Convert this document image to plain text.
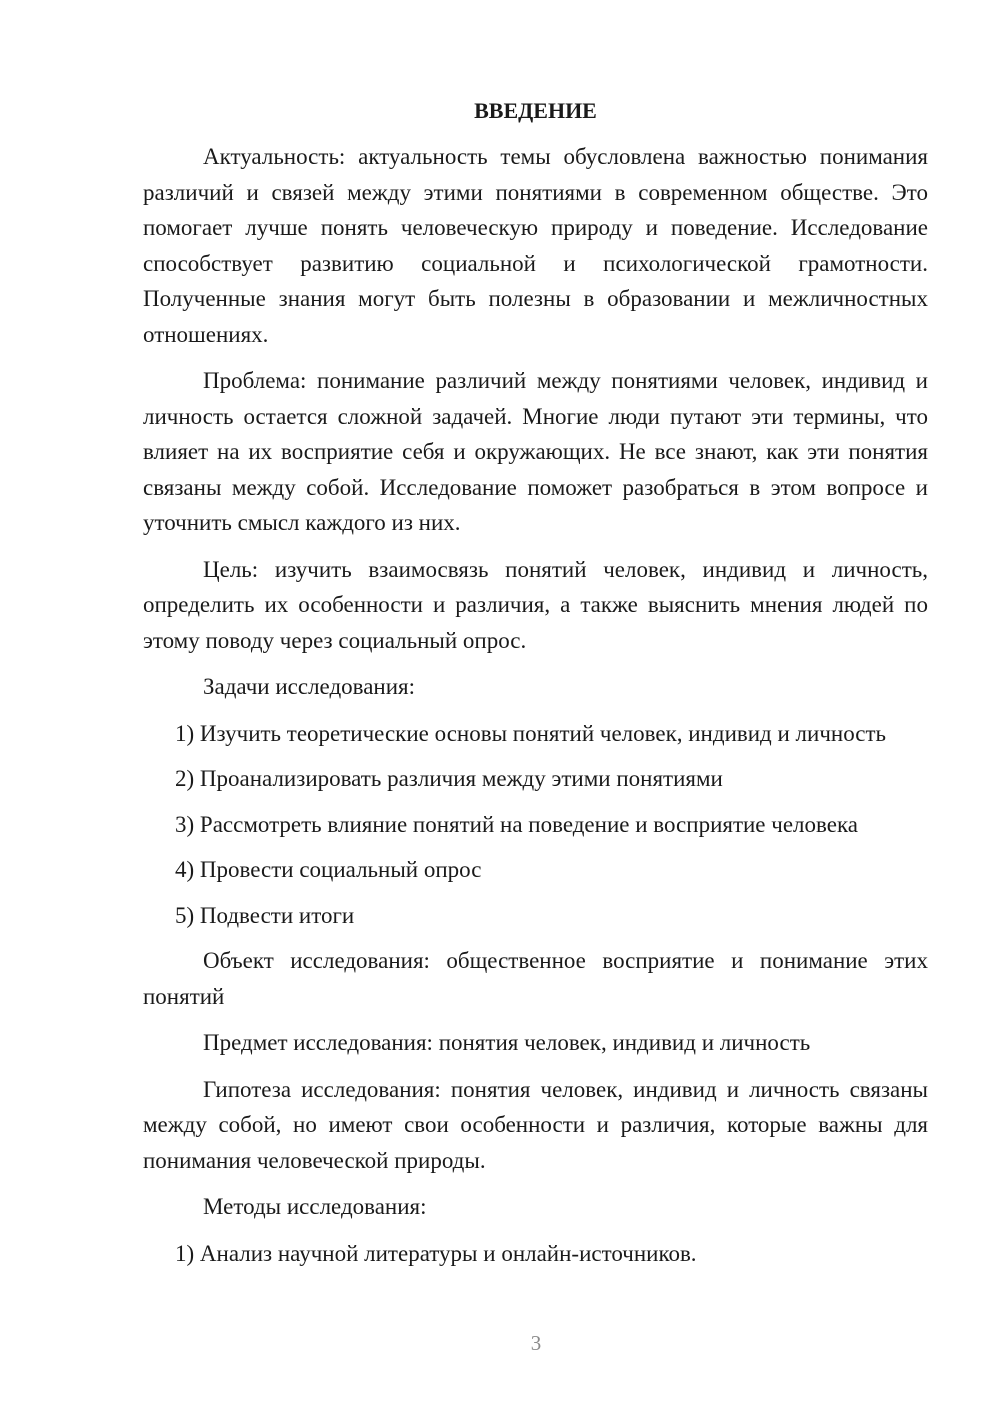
ВВЕДЕНИЕ

Актуальность: актуальность темы обусловлена важностью понимания различий и связей между этими понятиями в современном обществе. Это помогает лучше понять человеческую природу и поведение. Исследование способствует развитию социальной и психологической грамотности. Полученные знания могут быть полезны в образовании и межличностных отношениях.

Проблема: понимание различий между понятиями человек, индивид и личность остается сложной задачей. Многие люди путают эти термины, что влияет на их восприятие себя и окружающих. Не все знают, как эти понятия связаны между собой. Исследование поможет разобраться в этом вопросе и уточнить смысл каждого из них.

Цель: изучить взаимосвязь понятий человек, индивид и личность, определить их особенности и различия, а также выяснить мнения людей по этому поводу через социальный опрос.

Задачи исследования:

1) Изучить теоретические основы понятий человек, индивид и личность

2) Проанализировать различия между этими понятиями

3) Рассмотреть влияние понятий на поведение и восприятие человека

4) Провести социальный опрос

5) Подвести итоги

Объект исследования: общественное восприятие и понимание этих понятий

Предмет исследования: понятия человек, индивид и личность

Гипотеза исследования: понятия человек, индивид и личность связаны между собой, но имеют свои особенности и различия, которые важны для понимания человеческой природы.

Методы исследования:

1) Анализ научной литературы и онлайн-источников.

3
